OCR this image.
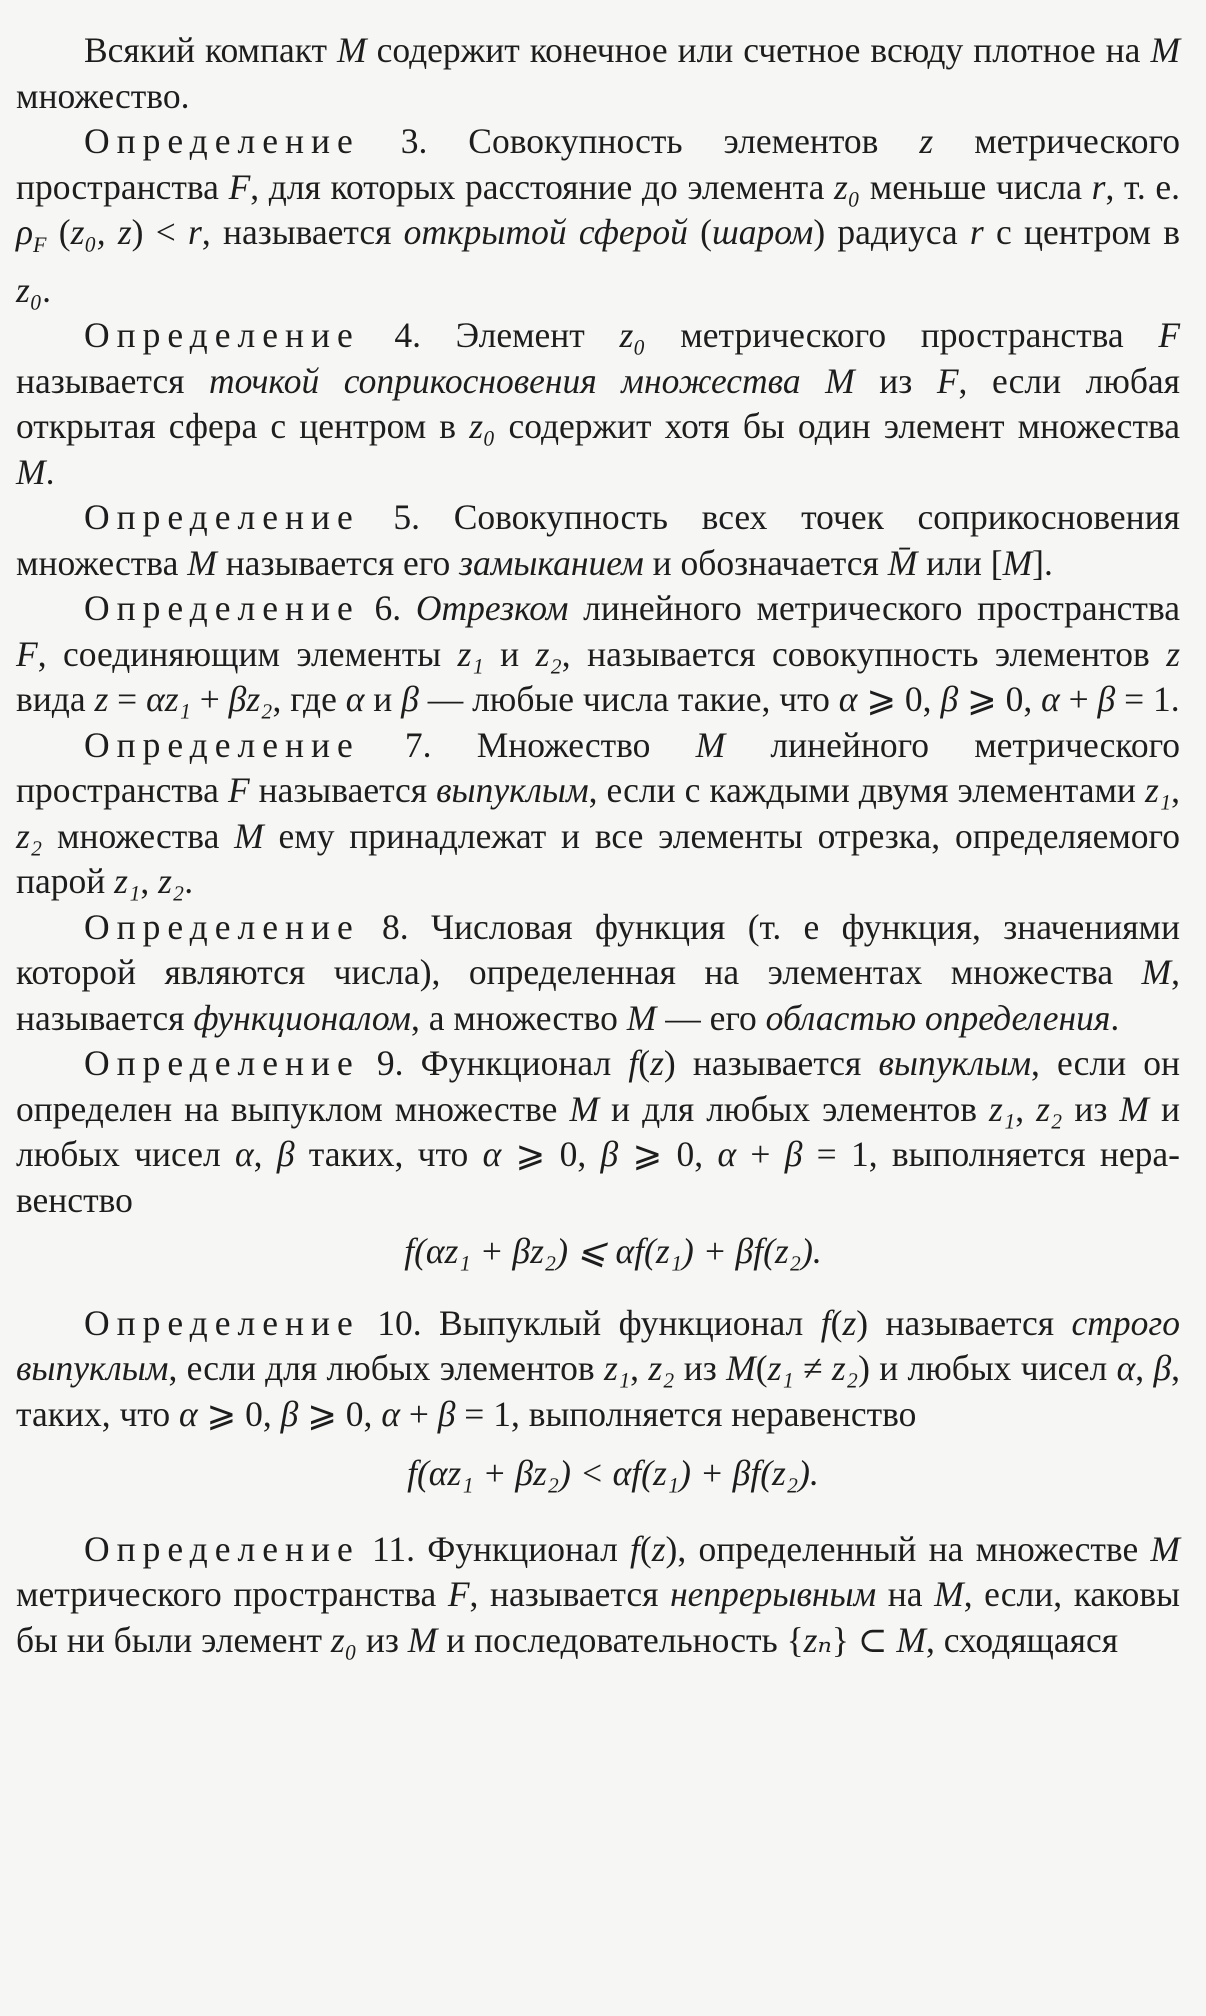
Всякий компакт M содержит конечное или счетное всюду плотное на M множество.

Определение 3. Совокупность элементов z метрического пространства F, для которых расстояние до элемента z₀ меньше числа r, т. е. $\rho_F$ (z₀, z) < r, называется открытой сферой (шаром) радиуса r с центром в z₀.

Определение 4. Элемент z₀ метрического пространства F называется точкой соприкосновения множества M из F, если любая открытая сфера с центром в z₀ содержит хотя бы один элемент множества M.

Определение 5. Совокупность всех точек соприкосновения множества M называется его замыканием и обозначается M̄ или [M].

Определение 6. Отрезком линейного метрического пространства F, соединяющим элементы z₁ и z₂, называется совокупность элементов z вида z = αz₁ + βz₂, где α и β — любые числа такие, что α ⩾ 0, β ⩾ 0, α + β = 1.

Определение 7. Множество M линейного метрического пространства F называется выпуклым, если с каждыми двумя элементами z₁, z₂ множества M ему принадлежат и все элементы отрезка, определяемого парой z₁, z₂.

Определение 8. Числовая функция (т. е функция, значениями которой являются числа), определенная на элементах множества M, называется функционалом, а множество M — его областью определения.

Определение 9. Функционал f(z) называется выпуклым, если он определен на выпуклом множестве M и для любых элементов z₁, z₂ из M и любых чисел α, β таких, что α ⩾ 0, β ⩾ 0, α + β = 1, выполняется неравенство

f(αz₁ + βz₂) ⩽ αf(z₁) + βf(z₂).

Определение 10. Выпуклый функционал f(z) называется строго выпуклым, если для любых элементов z₁, z₂ из M(z₁ ≠ z₂) и любых чисел α, β, таких, что α ⩾ 0, β ⩾ 0, α + β = 1, выполняется неравенство

f(αz₁ + βz₂) < αf(z₁) + βf(z₂).

Определение 11. Функционал f(z), определенный на множестве M метрического пространства F, называется непрерывным на M, если, каковы бы ни были элемент z₀ из M и последовательность {zₙ} ⊂ M, сходящаяся
